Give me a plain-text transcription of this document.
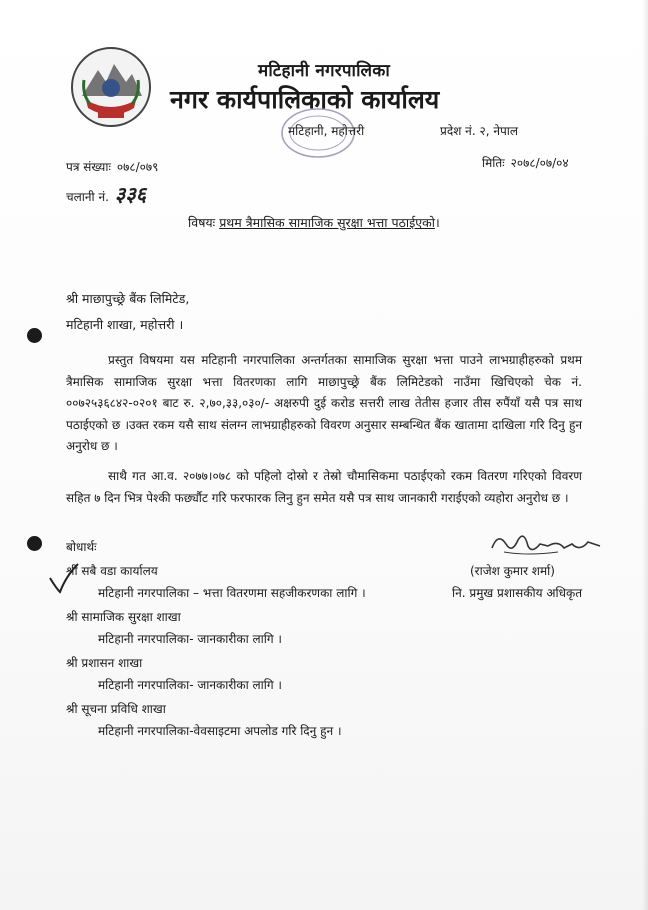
मटिहानी नगरपालिका
नगर कार्यपालिकाको कार्यालय
मटिहानी, महोत्तरी	प्रदेश नं. २, नेपाल
पत्र संख्याः ०७८/०७९
चलानी नं. ३३६
मितिः २०७८/०७/०४
विषयः प्रथम त्रैमासिक सामाजिक सुरक्षा भत्ता पठाईएको।
श्री माछापुच्छ्रे बैंक लिमिटेड,
मटिहानी शाखा, महोत्तरी ।
प्रस्तुत विषयमा यस मटिहानी नगरपालिका अन्तर्गतका सामाजिक सुरक्षा भत्ता पाउने लाभग्राहीहरुको प्रथम त्रैमासिक सामाजिक सुरक्षा भत्ता वितरणका लागि माछापुच्छ्रे बैंक लिमिटेडको नाउँमा खिचिएको चेक नं. ००७२५३६८४२-०२०१ बाट रु. २,७०,३३,०३०/- अक्षरुपी दुई करोड सत्तरी लाख तेतीस हजार तीस रुपैंयाँ यसै पत्र साथ पठाईएको छ ।उक्त रकम यसै साथ संलग्न लाभग्राहीहरुको विवरण अनुसार सम्बन्धित बैंक खातामा दाखिला गरि दिनु हुन अनुरोध छ ।
साथै गत आ.व. २०७७।०७८ को पहिलो दोस्रो र तेस्रो चौमासिकमा पठाईएको रकम वितरण गरिएको विवरण सहित ७ दिन भित्र पेश्की फर्छ्यौट गरि फरफारक लिनु हुन समेत यसै पत्र साथ जानकारी गराईएको व्यहोरा अनुरोध छ ।
(राजेश कुमार शर्मा)
नि. प्रमुख प्रशासकीय अधिकृत
बोधार्थः
श्री सबै वडा कार्यालय
मटिहानी नगरपालिका – भत्ता वितरणमा सहजीकरणका लागि ।
श्री सामाजिक सुरक्षा शाखा
मटिहानी नगरपालिका- जानकारीका लागि ।
श्री प्रशासन शाखा
मटिहानी नगरपालिका- जानकारीका लागि ।
श्री सूचना प्रविधि शाखा
मटिहानी नगरपालिका-वेवसाइटमा अपलोड गरि दिनु हुन ।
